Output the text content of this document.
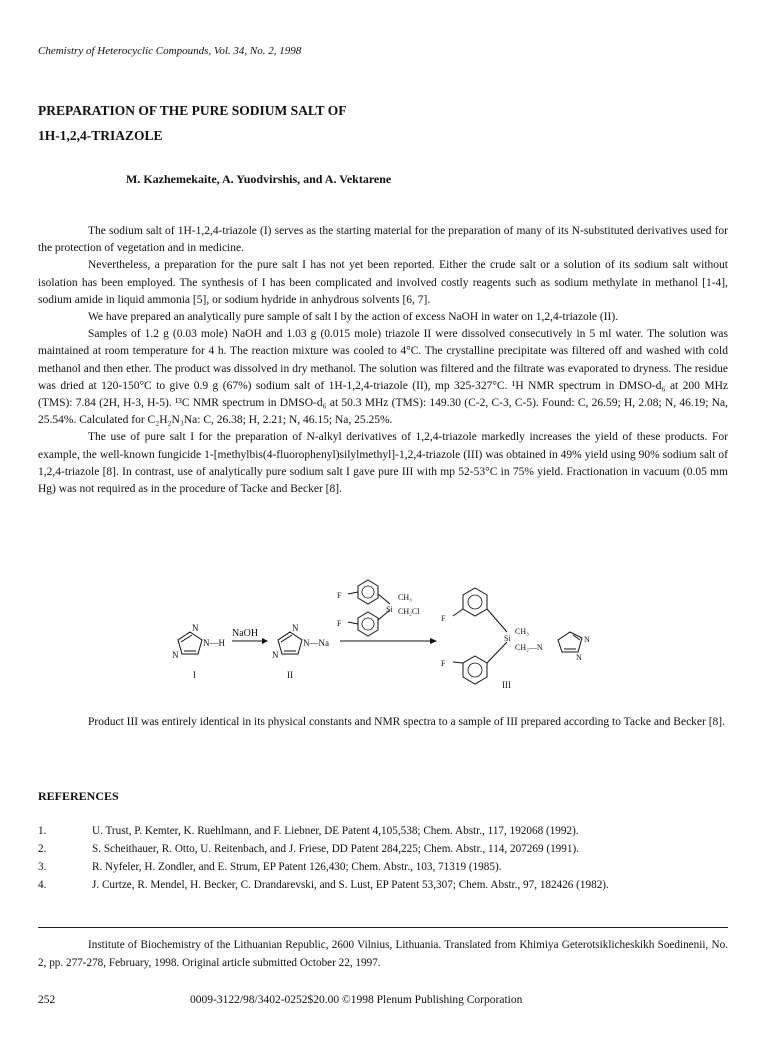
Chemistry of Heterocyclic Compounds, Vol. 34, No. 2, 1998
PREPARATION OF THE PURE SODIUM SALT OF
1H-1,2,4-TRIAZOLE
M. Kazhemekaite, A. Yuodvirshis, and A. Vektarene

The sodium salt of 1H-1,2,4-triazole (I) serves as the starting material for the preparation of many of its N-substituted derivatives used for the protection of vegetation and in medicine.

Nevertheless, a preparation for the pure salt I has not yet been reported. Either the crude salt or a solution of its sodium salt without isolation has been employed. The synthesis of I has been complicated and involved costly reagents such as sodium methylate in methanol [1-4], sodium amide in liquid ammonia [5], or sodium hydride in anhydrous solvents [6, 7].

We have prepared an analytically pure sample of salt I by the action of excess NaOH in water on 1,2,4-triazole (II).

Samples of 1.2 g (0.03 mole) NaOH and 1.03 g (0.015 mole) triazole II were dissolved consecutively in 5 ml water. The solution was maintained at room temperature for 4 h. The reaction mixture was cooled to 4°C. The crystalline precipitate was filtered off and washed with cold methanol and then ether. The product was dissolved in dry methanol. The solution was filtered and the filtrate was evaporated to dryness. The residue was dried at 120-150°C to give 0.9 g (67%) sodium salt of 1H-1,2,4-triazole (II), mp 325-327°C. ¹H NMR spectrum in DMSO-d₆ at 200 MHz (TMS): 7.84 (2H, H-3, H-5). ¹³C NMR spectrum in DMSO-d₆ at 50.3 MHz (TMS): 149.30 (C-2, C-3, C-5). Found: C, 26.59; H, 2.08; N, 46.19; Na, 25.54%. Calculated for C₂H₂N₃Na: C, 26.38; H, 2.21; N, 46.15; Na, 25.25%.

The use of pure salt I for the preparation of N-alkyl derivatives of 1,2,4-triazole markedly increases the yield of these products. For example, the well-known fungicide 1-[methylbis(4-fluorophenyl)silylmethyl]-1,2,4-triazole (III) was obtained in 49% yield using 90% sodium salt of 1,2,4-triazole [8]. In contrast, use of analytically pure sodium salt I gave pure III with mp 52-53°C in 75% yield. Fractionation in vacuum (0.05 mm Hg) was not required as in the procedure of Tacke and Becker [8].

N
N—H
N
I
NaOH	N
N—Na
N
II
F
F
Si
CH₃
CH₂Cl
F
F
Si
CH₃
CH₂—N
N
N
III

Product III was entirely identical in its physical constants and NMR spectra to a sample of III prepared according to Tacke and Becker [8].

REFERENCES
1.	U. Trust, P. Kemter, K. Ruehlmann, and F. Liebner, DE Patent 4,105,538; Chem. Abstr., 117, 192068 (1992).
2.	S. Scheithauer, R. Otto, U. Reitenbach, and J. Friese, DD Patent 284,225; Chem. Abstr., 114, 207269 (1991).
3.	R. Nyfeler, H. Zondler, and E. Strum, EP Patent 126,430; Chem. Abstr., 103, 71319 (1985).
4.	J. Curtze, R. Mendel, H. Becker, C. Drandarevski, and S. Lust, EP Patent 53,307; Chem. Abstr., 97, 182426 (1982).
Institute of Biochemistry of the Lithuanian Republic, 2600 Vilnius, Lithuania. Translated from Khimiya Geterotsiklicheskikh Soedinenii, No. 2, pp. 277-278, February, 1998. Original article submitted October 22, 1997.
252	0009-3122/98/3402-0252$20.00 ©1998 Plenum Publishing Corporation
